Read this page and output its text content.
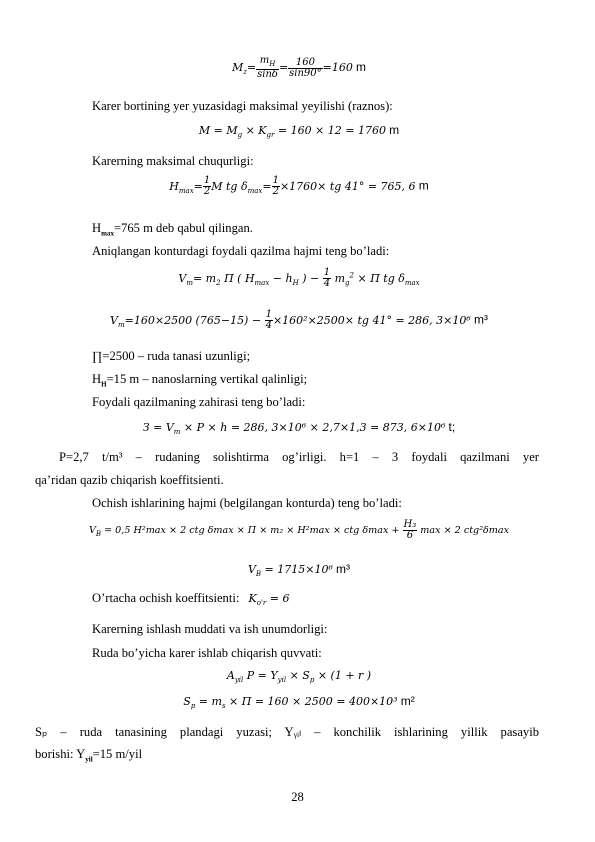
$M_z= \frac{m_H}{\sin\delta} = \frac{160}{\sin 90^\circ} =160$ m
Karer bortining yer yuzasidagi maksimal yeyilishi (raznos):
$M = M_g \times K_{gr} = 160 \times 12 = 1760$ m
Karerning maksimal chuqurligi:
$H_{max}= \frac{1}{2}$ M tg $\delta_{max}= \frac{1}{2} \times 1760\times$ tg 41° = 765, 6 m
$H_{max}=765$ m deb qabul qilingan.
Aniqlangan konturdagi foydali qazilma hajmi teng bo’ladi:
$V_m= m_2$ П ( $H_{max} - h_H$ ) − $\frac{1}{4} m_g^2 \times П$ tg $\delta_{max}$
$V_m=160\times 2500$ $(765-15) - \frac{1}{4} \times 160^2\times 2500\times$ tg 41° = 286, 3×10⁶ m³
∏=2500 – ruda tanasi uzunligi;
$H_H=15$ m – nanoslarning vertikal qalinligi;
Foydali qazilmaning zahirasi teng bo’ladi:
$З = V_m \times P \times h = 286$, 3×10⁶ × 2,7×1,3 = 873, 6×10⁶ t;
P=2,7 t/m³ – rudaning solishtirma og’irligi. h=1 – 3 foydali qazilmani yer
qa’ridan qazib chiqarish koeffitsienti.
Ochish ishlarining hajmi (belgilangan konturda) teng bo’ladi:
$V_B = 0,5$ H²max × 2 ctg δmax × П × m₂ × H²max × ctg $\delta\max + \frac{\text{H₃}}{6}$ max × 2 ctg²δmax
$V_B = 1715\times 10^6$ m³
O’rtacha ochish koeffitsienti: $K_{o'r} = 6$
Karerning ishlash muddati va ish unumdorligi:
Ruda bo’yicha karer ishlab chiqarish quvvati:
$A_{yil}$ $P = Y_{yil} \times S_p \times (1 + r$ )
$S_p = m_s \times П = 160 \times 2500 = 400\times 10^3$ m²
Sₚ – ruda tanasining plandagi yuzasi; Yᵧᵢₗ – konchilik ishlarining yillik pasayib
borishi: $Y_{yil}=15$ m/yil
28
